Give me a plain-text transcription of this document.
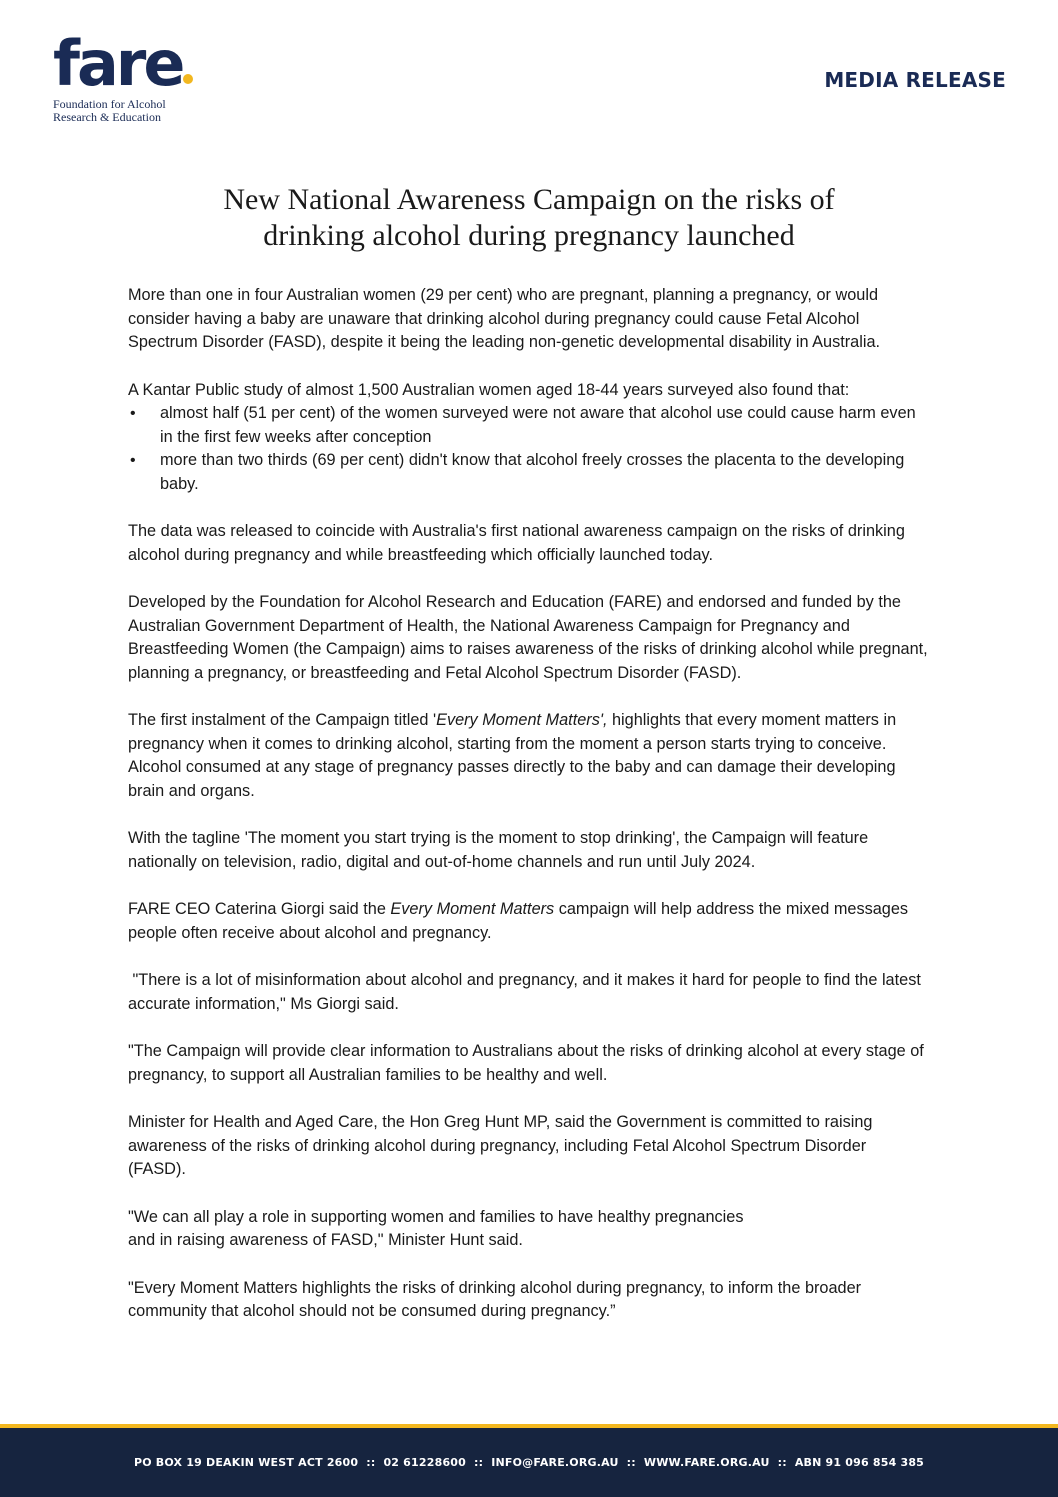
fare
Foundation for Alcohol
Research & Education
MEDIA RELEASE
New National Awareness Campaign on the risks of
drinking alcohol during pregnancy launched

More than one in four Australian women (29 per cent) who are pregnant, planning a pregnancy, or would consider having a baby are unaware that drinking alcohol during pregnancy could cause Fetal Alcohol Spectrum Disorder (FASD), despite it being the leading non-genetic developmental disability in Australia.

A Kantar Public study of almost 1,500 Australian women aged 18-44 years surveyed also found that:

• almost half (51 per cent) of the women surveyed were not aware that alcohol use could cause harm even in the first few weeks after conception
• more than two thirds (69 per cent) didn't know that alcohol freely crosses the placenta to the developing baby.

The data was released to coincide with Australia's first national awareness campaign on the risks of drinking alcohol during pregnancy and while breastfeeding which officially launched today.

Developed by the Foundation for Alcohol Research and Education (FARE) and endorsed and funded by the Australian Government Department of Health, the National Awareness Campaign for Pregnancy and Breastfeeding Women (the Campaign) aims to raises awareness of the risks of drinking alcohol while pregnant, planning a pregnancy, or breastfeeding and Fetal Alcohol Spectrum Disorder (FASD).

The first instalment of the Campaign titled 'Every Moment Matters', highlights that every moment matters in pregnancy when it comes to drinking alcohol, starting from the moment a person starts trying to conceive. Alcohol consumed at any stage of pregnancy passes directly to the baby and can damage their developing brain and organs.

With the tagline 'The moment you start trying is the moment to stop drinking', the Campaign will feature nationally on television, radio, digital and out-of-home channels and run until July 2024.

FARE CEO Caterina Giorgi said the Every Moment Matters campaign will help address the mixed messages people often receive about alcohol and pregnancy.

"There is a lot of misinformation about alcohol and pregnancy, and it makes it hard for people to find the latest accurate information," Ms Giorgi said.

"The Campaign will provide clear information to Australians about the risks of drinking alcohol at every stage of pregnancy, to support all Australian families to be healthy and well.

Minister for Health and Aged Care, the Hon Greg Hunt MP, said the Government is committed to raising awareness of the risks of drinking alcohol during pregnancy, including Fetal Alcohol Spectrum Disorder (FASD).

"We can all play a role in supporting women and families to have healthy pregnancies
and in raising awareness of FASD," Minister Hunt said.

"Every Moment Matters highlights the risks of drinking alcohol during pregnancy, to inform the broader community that alcohol should not be consumed during pregnancy.”

PO BOX 19 DEAKIN WEST ACT 2600 :: 02 61228600 :: INFO@FARE.ORG.AU :: WWW.FARE.ORG.AU :: ABN 91 096 854 385
